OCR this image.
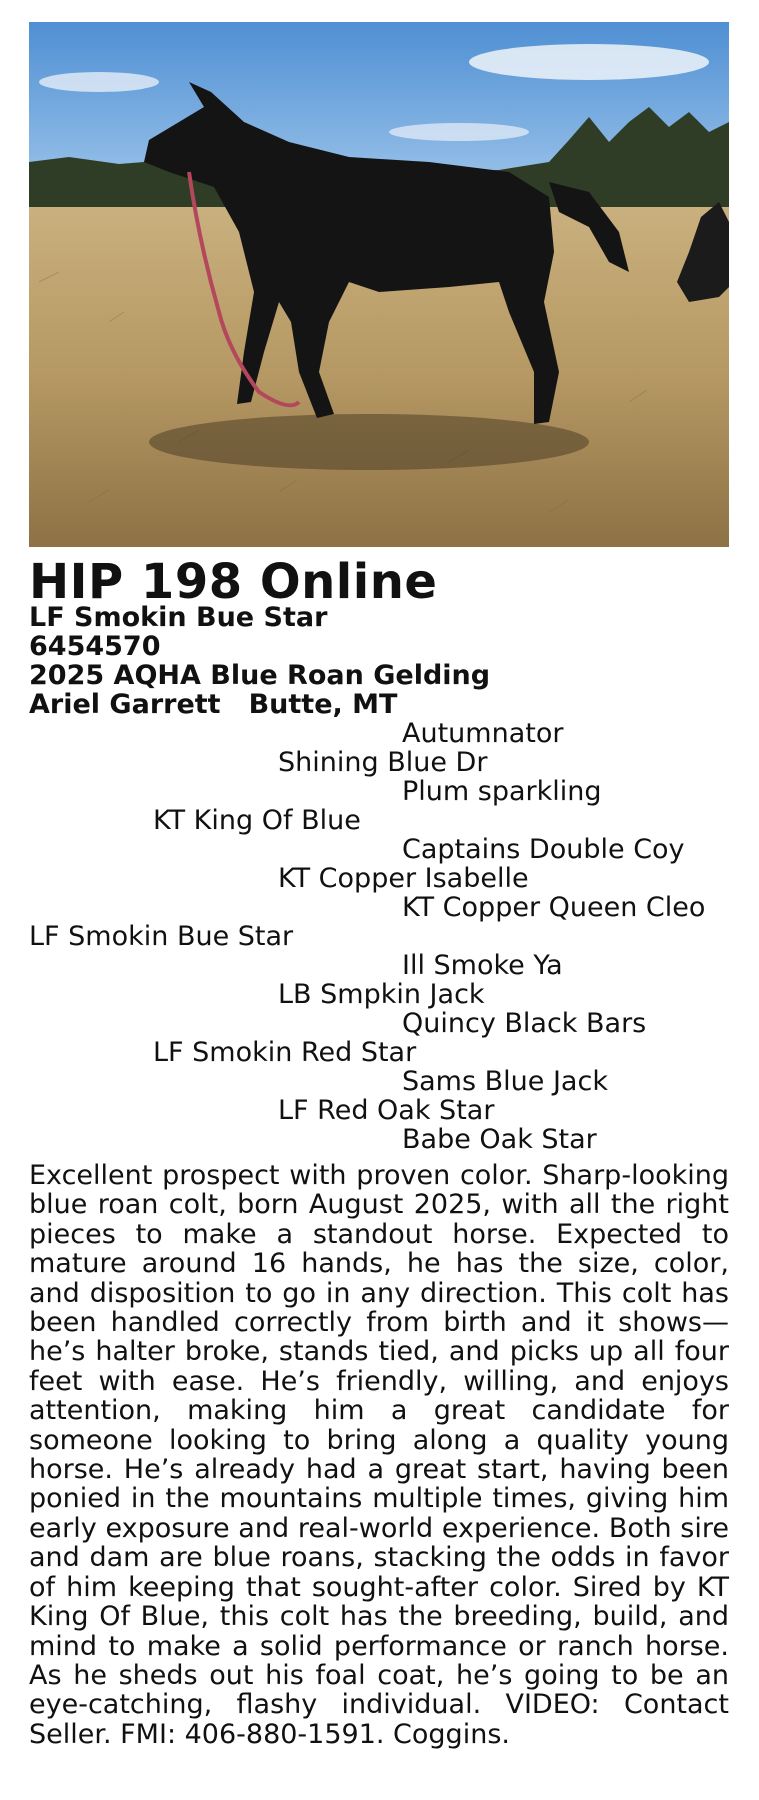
HIP 198 Online
LF Smokin Bue Star
6454570
2025 AQHA Blue Roan Gelding
Ariel Garrett Butte, MT
Autumnator
Shining Blue Dr
Plum sparkling
KT King Of Blue
Captains Double Coy
KT Copper Isabelle
KT Copper Queen Cleo
LF Smokin Bue Star
Ill Smoke Ya
LB Smpkin Jack
Quincy Black Bars
LF Smokin Red Star
Sams Blue Jack
LF Red Oak Star
Babe Oak Star
Excellent prospect with proven color. Sharp-looking blue roan colt, born August 2025, with all the right pieces to make a standout horse. Expected to mature around 16 hands, he has the size, color, and disposition to go in any direction. This colt has been handled correctly from birth and it shows—he’s halter broke, stands tied, and picks up all four feet with ease. He’s friendly, willing, and enjoys attention, making him a great candidate for someone looking to bring along a quality young horse. He’s already had a great start, having been ponied in the mountains multiple times, giving him early exposure and real-world experience. Both sire and dam are blue roans, stacking the odds in favor of him keeping that sought-after color. Sired by KT King Of Blue, this colt has the breeding, build, and mind to make a solid performance or ranch horse. As he sheds out his foal coat, he’s going to be an eye-catching, flashy individual. VIDEO: Contact Seller. FMI: 406-880-1591. Coggins.
